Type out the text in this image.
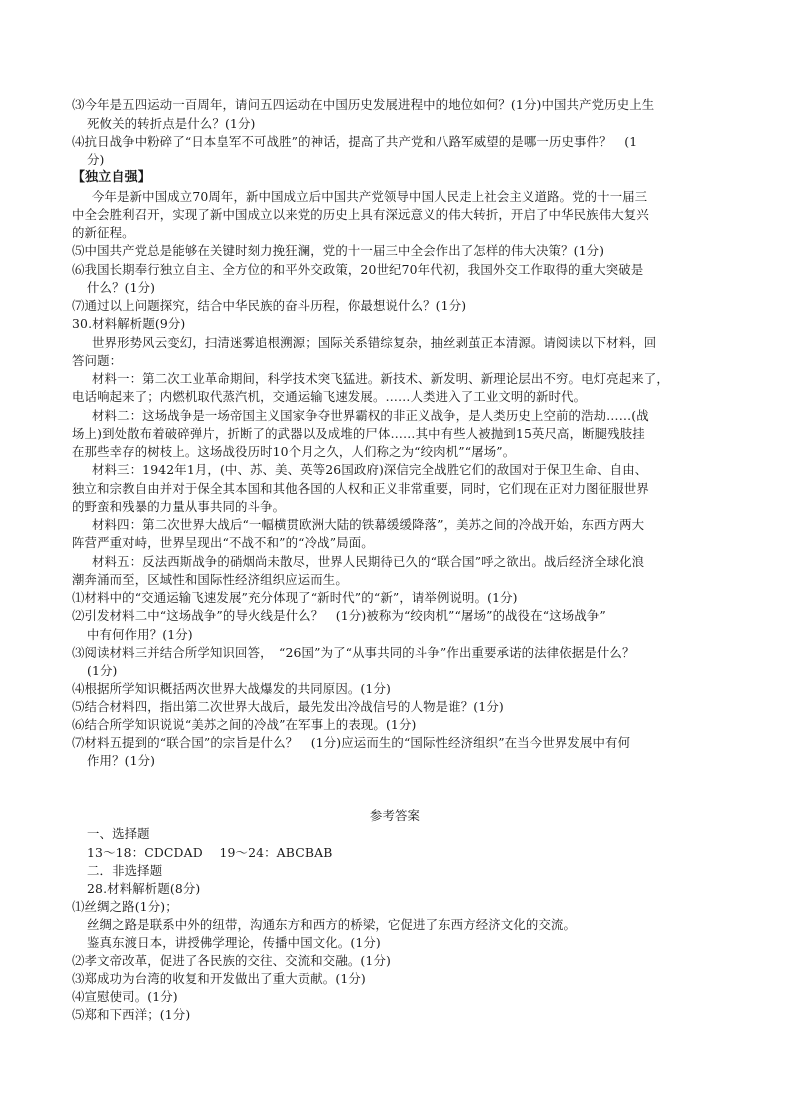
⑶今年是五四运动一百周年，请问五四运动在中国历史发展进程中的地位如何？(1分)中国共产党历史上生
死攸关的转折点是什么？(1分)
⑷抗日战争中粉碎了“日本皇军不可战胜”的神话，提高了共产党和八路军威望的是哪一历史事件？　(1
分)
【独立自强】
今年是新中国成立70周年，新中国成立后中国共产党领导中国人民走上社会主义道路。党的十一届三
中全会胜利召开，实现了新中国成立以来党的历史上具有深远意义的伟大转折，开启了中华民族伟大复兴
的新征程。
⑸中国共产党总是能够在关键时刻力挽狂澜，党的十一届三中全会作出了怎样的伟大决策？(1分)
⑹我国长期奉行独立自主、全方位的和平外交政策，20世纪70年代初，我国外交工作取得的重大突破是
什么？(1分)
⑺通过以上问题探究，结合中华民族的奋斗历程，你最想说什么？(1分)
30.材料解析题(9分)
世界形势风云变幻，扫清迷雾追根溯源；国际关系错综复杂，抽丝剥茧正本清源。请阅读以下材料，回
答问题：
材料一：第二次工业革命期间，科学技术突飞猛进。新技术、新发明、新理论层出不穷。电灯亮起来了，
电话响起来了；内燃机取代蒸汽机，交通运输飞速发展。……人类进入了工业文明的新时代。
材料二：这场战争是一场帝国主义国家争夺世界霸权的非正义战争，是人类历史上空前的浩劫……(战
场上)到处散布着破碎弹片，折断了的武器以及成堆的尸体……其中有些人被抛到15英尺高，断腿残肢挂
在那些幸存的树枝上。这场战役历时10个月之久，人们称之为“绞肉机”“屠场”。
材料三：1942年1月，(中、苏、美、英等26国政府)深信完全战胜它们的敌国对于保卫生命、自由、
独立和宗教自由并对于保全其本国和其他各国的人权和正义非常重要，同时，它们现在正对力图征服世界
的野蛮和残暴的力量从事共同的斗争。
材料四：第二次世界大战后“一幅横贯欧洲大陆的铁幕缓缓降落”，美苏之间的冷战开始，东西方两大
阵营严重对峙，世界呈现出“不战不和”的“冷战”局面。
材料五：反法西斯战争的硝烟尚未散尽，世界人民期待已久的“联合国”呼之欲出。战后经济全球化浪
潮奔涌而至，区域性和国际性经济组织应运而生。
⑴材料中的“交通运输飞速发展”充分体现了“新时代”的“新”，请举例说明。(1分)
⑵引发材料二中“这场战争”的导火线是什么？　(1分)被称为“绞肉机”“屠场”的战役在“这场战争”
中有何作用？(1分)
⑶阅读材料三并结合所学知识回答，　“26国”为了“从事共同的斗争”作出重要承诺的法律依据是什么？
(1分)
⑷根据所学知识概括两次世界大战爆发的共同原因。(1分)
⑸结合材料四，指出第二次世界大战后，最先发出冷战信号的人物是谁？(1分)
⑹结合所学知识说说“美苏之间的冷战”在军事上的表现。(1分)
⑺材料五提到的“联合国”的宗旨是什么？　(1分)应运而生的“国际性经济组织”在当今世界发展中有何
作用？(1分)
参考答案
一、选择题
13～18：CDCDAD　 19～24：ABCBAB
二．非选择题
28.材料解析题(8分)
⑴丝绸之路(1分)；
丝绸之路是联系中外的纽带，沟通东方和西方的桥梁，它促进了东西方经济文化的交流。
鉴真东渡日本，讲授佛学理论，传播中国文化。(1分)
⑵孝文帝改革，促进了各民族的交往、交流和交融。(1分)
⑶郑成功为台湾的收复和开发做出了重大贡献。(1分)
⑷宣慰使司。(1分)
⑸郑和下西洋；(1分)
